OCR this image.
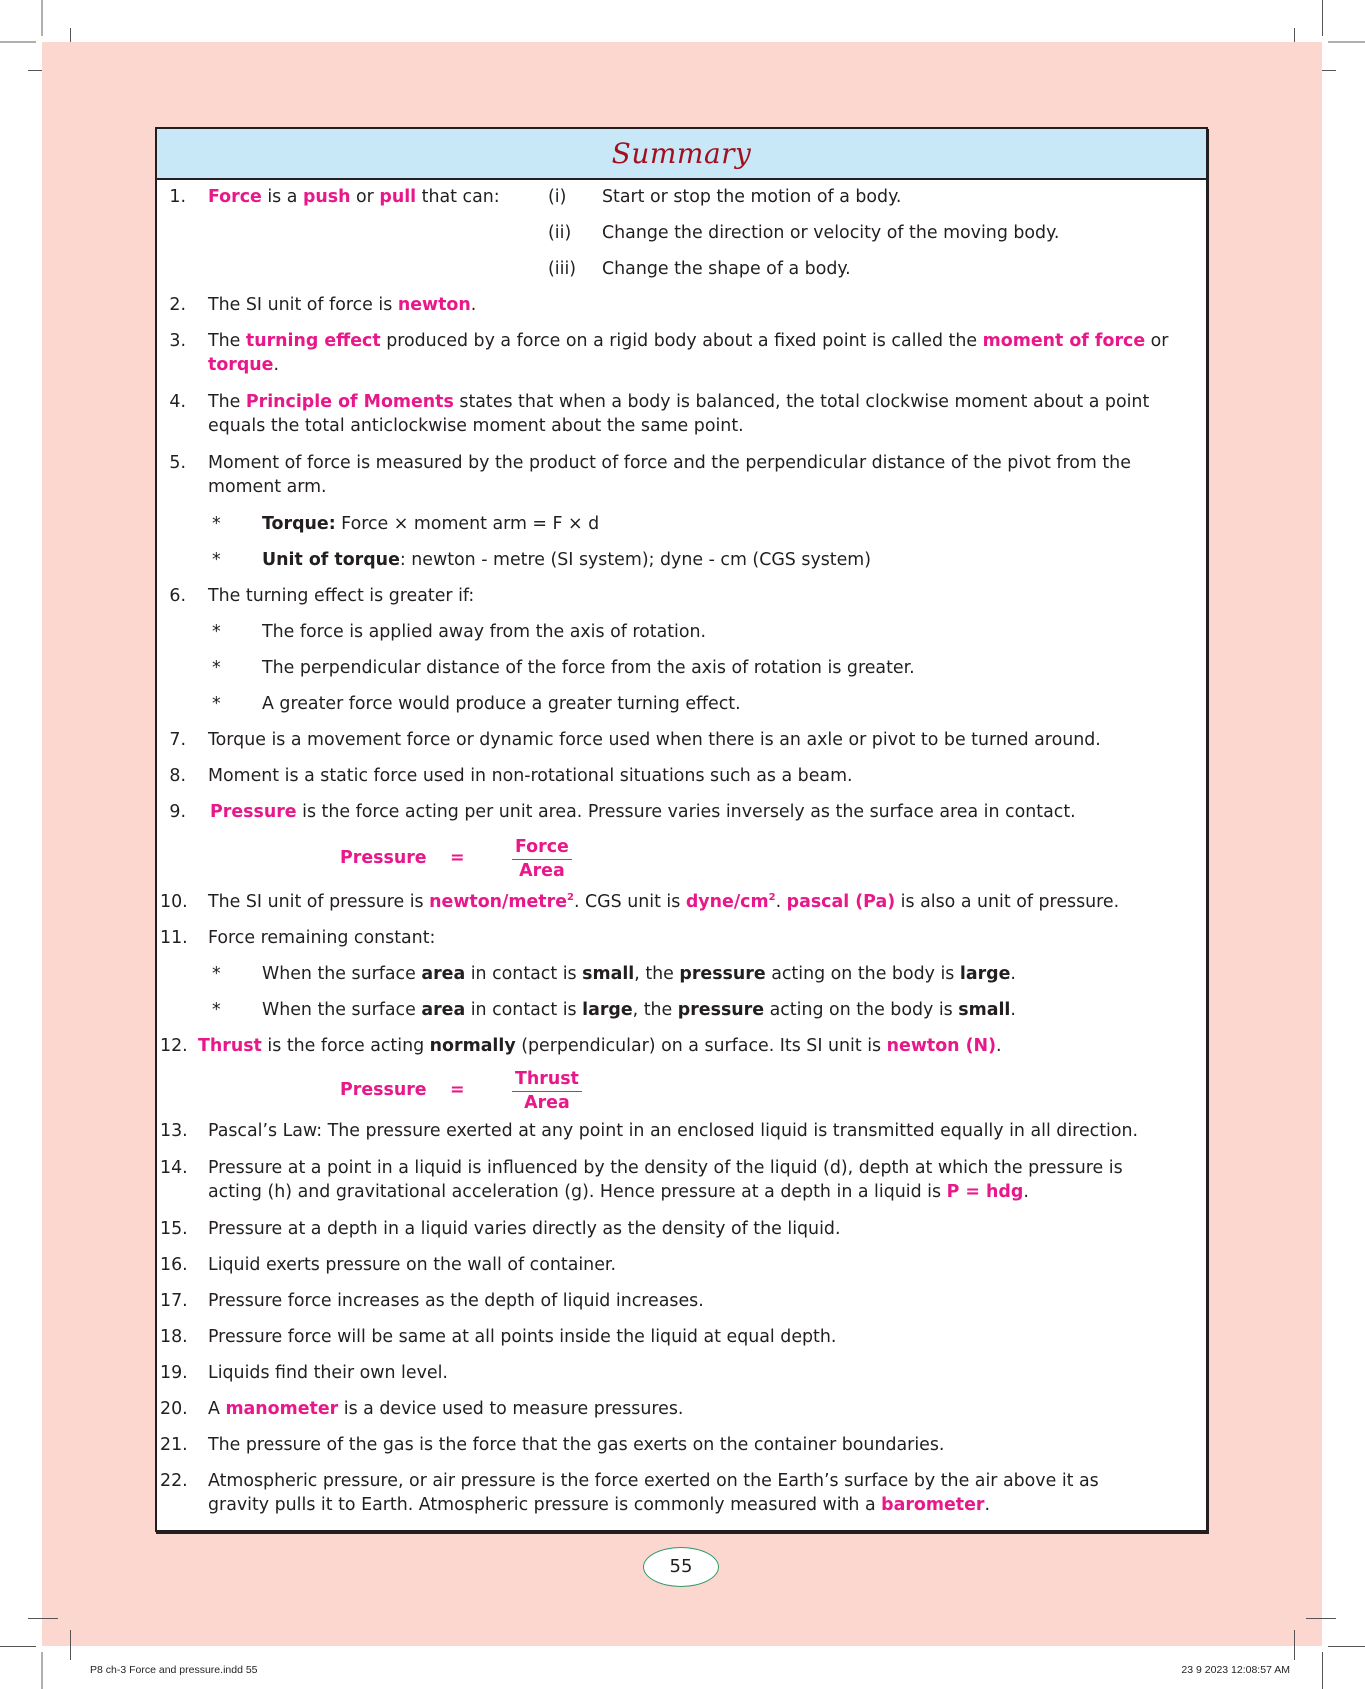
Summary
1. Force is a push or pull that can:	(i) Start or stop the motion of a body.
(ii) Change the direction or velocity of the moving body.
(iii) Change the shape of a body.
2. The SI unit of force is newton.
3. The turning effect produced by a force on a rigid body about a fixed point is called the moment of force or
torque.
4. The Principle of Moments states that when a body is balanced, the total clockwise moment about a point
equals the total anticlockwise moment about the same point.
5. Moment of force is measured by the product of force and the perpendicular distance of the pivot from the
moment arm.
* Torque: Force × moment arm = F × d
* Unit of torque: newton - metre (SI system); dyne - cm (CGS system)
6. The turning effect is greater if:
* The force is applied away from the axis of rotation.
* The perpendicular distance of the force from the axis of rotation is greater.
* A greater force would produce a greater turning effect.
7. Torque is a movement force or dynamic force used when there is an axle or pivot to be turned around.
8. Moment is a static force used in non-rotational situations such as a beam.
9. Pressure is the force acting per unit area. Pressure varies inversely as the surface area in contact.
Pressure =
Force
Area
10. The SI unit of pressure is newton/metre$^2$. CGS unit is dyne/$cm^2$. pascal (Pa) is also a unit of pressure.
11. Force remaining constant:
* When the surface area in contact is small, the pressure acting on the body is large.
* When the surface area in contact is large, the pressure acting on the body is small.
12. Thrust is the force acting normally (perpendicular) on a surface. Its SI unit is newton (N).
Pressure =
Thrust
Area
13. Pascal’s Law: The pressure exerted at any point in an enclosed liquid is transmitted equally in all direction.
14. Pressure at a point in a liquid is influenced by the density of the liquid (d), depth at which the pressure is
acting (h) and gravitational acceleration (g). Hence pressure at a depth in a liquid is P = hdg.
15. Pressure at a depth in a liquid varies directly as the density of the liquid.
16. Liquid exerts pressure on the wall of container.
17. Pressure force increases as the depth of liquid increases.
18. Pressure force will be same at all points inside the liquid at equal depth.
19. Liquids find their own level.
20. A manometer is a device used to measure pressures.
21. The pressure of the gas is the force that the gas exerts on the container boundaries.
22. Atmospheric pressure, or air pressure is the force exerted on the Earth’s surface by the air above it as
gravity pulls it to Earth. Atmospheric pressure is commonly measured with a barometer.
55
P8 ch-3 Force and pressure.indd 55	23 9 2023 12:08:57 AM
